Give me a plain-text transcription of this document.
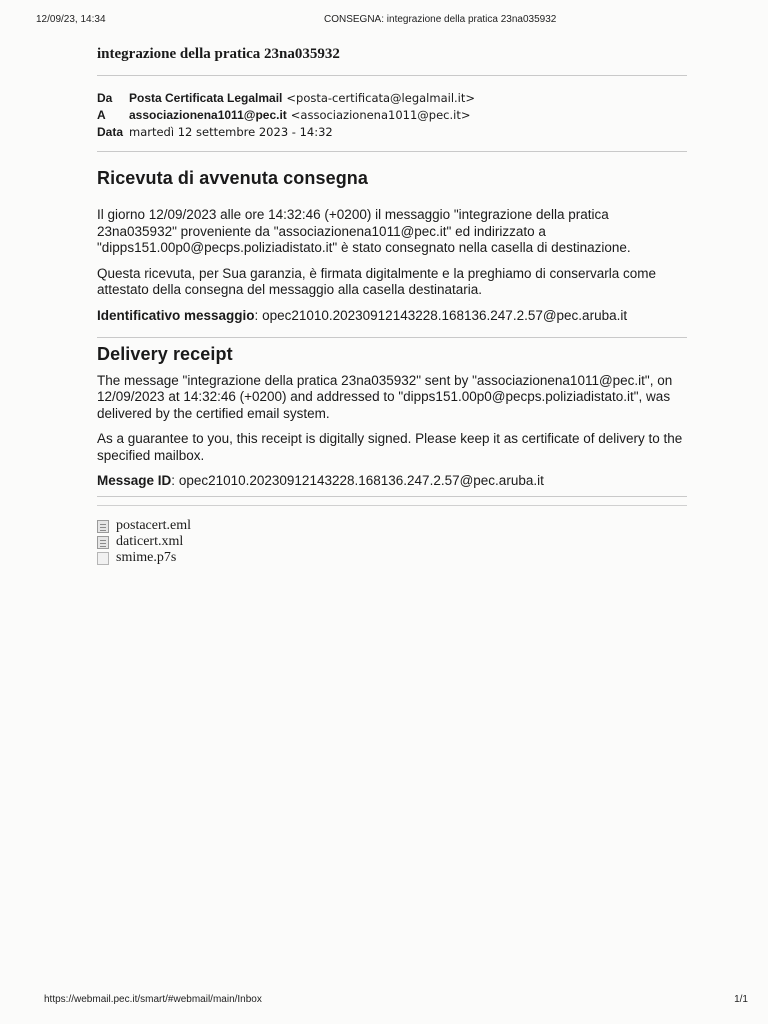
12/09/23, 14:34	CONSEGNA: integrazione della pratica 23na035932
integrazione della pratica 23na035932
Da	Posta Certificata Legalmail <posta-certificata@legalmail.it>
A	associazionena1011@pec.it <associazionena1011@pec.it>
Data martedì 12 settembre 2023 - 14:32
Ricevuta di avvenuta consegna

Il giorno 12/09/2023 alle ore 14:32:46 (+0200) il messaggio "integrazione della pratica 23na035932" proveniente da "associazionena1011@pec.it" ed indirizzato a "dipps151.00p0@pecps.poliziadistato.it" è stato consegnato nella casella di destinazione.

Questa ricevuta, per Sua garanzia, è firmata digitalmente e la preghiamo di conservarla come attestato della consegna del messaggio alla casella destinataria.

Identificativo messaggio: opec21010.20230912143228.168136.247.2.57@pec.aruba.it
Delivery receipt

The message "integrazione della pratica 23na035932" sent by "associazionena1011@pec.it", on 12/09/2023 at 14:32:46 (+0200) and addressed to "dipps151.00p0@pecps.poliziadistato.it", was delivered by the certified email system.

As a guarantee to you, this receipt is digitally signed. Please keep it as certificate of delivery to the specified mailbox.

Message ID: opec21010.20230912143228.168136.247.2.57@pec.aruba.it
postacert.eml
daticert.xml
smime.p7s
https://webmail.pec.it/smart/#webmail/main/Inbox	1/1
